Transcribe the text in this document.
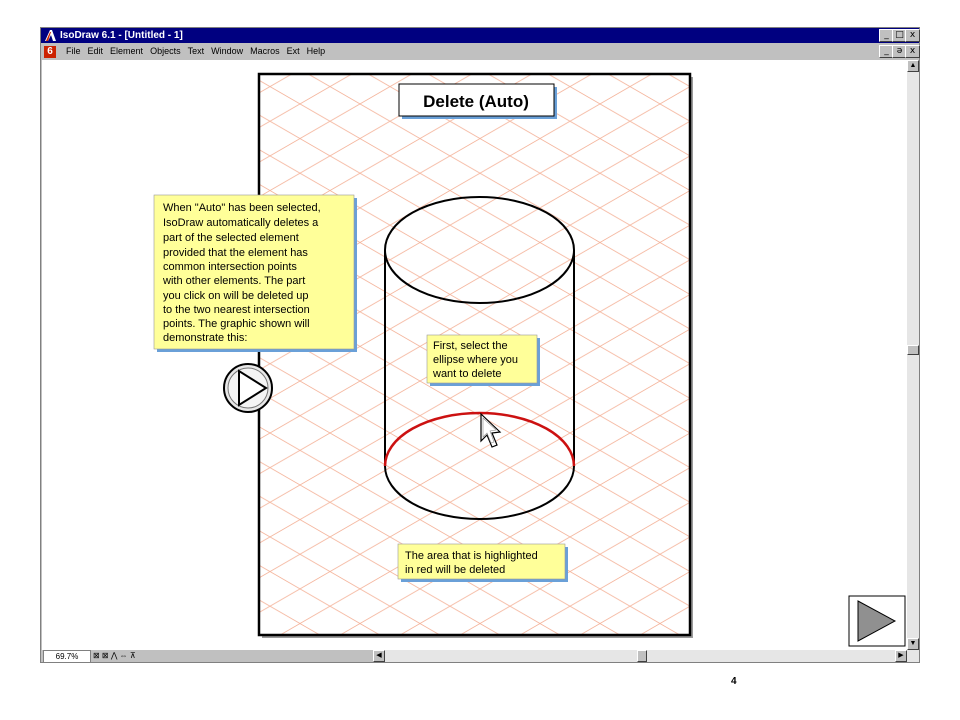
IsoDraw 6.1 - [Untitled - 1]	_ □ x
6	File Edit Element Objects Text Window Macros Ext Help	_ ǝ x
▲
▼
69.7%	⊠ ⊠ ⋀ ⇔ ⊼	◀	▶
Delete (Auto)
When "Auto" has been selected, IsoDraw automatically deletes a part of the selected element provided that the element has common intersection points with other elements. The part you click on will be deleted up to the two nearest intersection points. The graphic shown will demonstrate this:
First, select the ellipse where you want to delete
The area that is highlighted in red will be deleted
4
